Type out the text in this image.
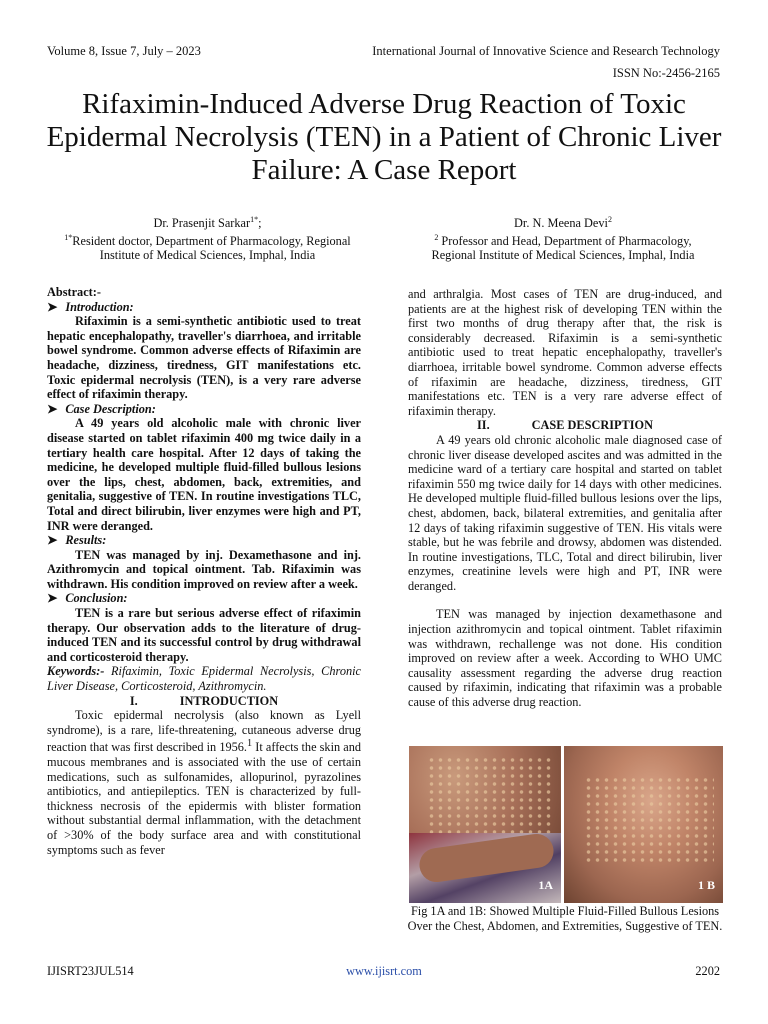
Volume 8, Issue 7, July – 2023	International Journal of Innovative Science and Research Technology
ISSN No:-2456-2165
Rifaximin-Induced Adverse Drug Reaction of Toxic Epidermal Necrolysis (TEN) in a Patient of Chronic Liver Failure: A Case Report
Dr. Prasenjit Sarkar$^{1*}$;
$^{1*}$Resident doctor, Department of Pharmacology, Regional
Institute of Medical Sciences, Imphal, India
Dr. N. Meena Devi$^2$
$^2$ Professor and Head, Department of Pharmacology,
Regional Institute of Medical Sciences, Imphal, India

Abstract:-

➤ Introduction:

Rifaximin is a semi-synthetic antibiotic used to treat hepatic encephalopathy, traveller's diarrhoea, and irritable bowel syndrome. Common adverse effects of Rifaximin are headache, dizziness, tiredness, GIT manifestations etc. Toxic epidermal necrolysis (TEN), is a very rare adverse effect of rifaximin therapy.

➤ Case Description:

A 49 years old alcoholic male with chronic liver disease started on tablet rifaximin 400 mg twice daily in a tertiary health care hospital. After 12 days of taking the medicine, he developed multiple fluid-filled bullous lesions over the lips, chest, abdomen, back, extremities, and genitalia, suggestive of TEN. In routine investigations TLC, Total and direct bilirubin, liver enzymes were high and PT, INR were deranged.

➤ Results:

TEN was managed by inj. Dexamethasone and inj. Azithromycin and topical ointment. Tab. Rifaximin was withdrawn. His condition improved on review after a week.

➤ Conclusion:

TEN is a rare but serious adverse effect of rifaximin therapy. Our observation adds to the literature of drug-induced TEN and its successful control by drug withdrawal and corticosteroid therapy.

Keywords:- Rifaximin, Toxic Epidermal Necrolysis, Chronic Liver Disease, Corticosteroid, Azithromycin.

I.	INTRODUCTION

Toxic epidermal necrolysis (also known as Lyell syndrome), is a rare, life-threatening, cutaneous adverse drug reaction that was first described in 1956.$^1$ It affects the skin and mucous membranes and is associated with the use of certain medications, such as sulfonamides, allopurinol, pyrazolines antibiotics, and antiepileptics. TEN is characterized by full-thickness necrosis of the epidermis with blister formation without substantial dermal inflammation, with the detachment of >30% of the body surface area and with constitutional symptoms such as fever

and arthralgia. Most cases of TEN are drug-induced, and patients are at the highest risk of developing TEN within the first two months of drug therapy after that, the risk is considerably decreased. Rifaximin is a semi-synthetic antibiotic used to treat hepatic encephalopathy, traveller's diarrhoea, irritable bowel syndrome. Common adverse effects of rifaximin are headache, dizziness, tiredness, GIT manifestations etc. TEN is a very rare adverse effect of rifaximin therapy.

II.	CASE DESCRIPTION

A 49 years old chronic alcoholic male diagnosed case of chronic liver disease developed ascites and was admitted in the medicine ward of a tertiary care hospital and started on tablet rifaximin 550 mg twice daily for 14 days with other medicines. He developed multiple fluid-filled bullous lesions over the lips, chest, abdomen, back, bilateral extremities, and genitalia after 12 days of taking rifaximin suggestive of TEN. His vitals were stable, but he was febrile and drowsy, abdomen was distended. In routine investigations, TLC, Total and direct bilirubin, liver enzymes, creatinine levels were high and PT, INR were deranged.

TEN was managed by injection dexamethasone and injection azithromycin and topical ointment. Tablet rifaximin was withdrawn, rechallenge was not done. His condition improved on review after a week. According to WHO UMC causality assessment regarding the adverse drug reaction caused by rifaximin, indicating that rifaximin was a probable cause of this adverse drug reaction.

1A	1 B
Fig 1A and 1B: Showed Multiple Fluid-Filled Bullous Lesions Over the Chest, Abdomen, and Extremities, Suggestive of TEN.
IJISRT23JUL514	www.ijisrt.com	2202
